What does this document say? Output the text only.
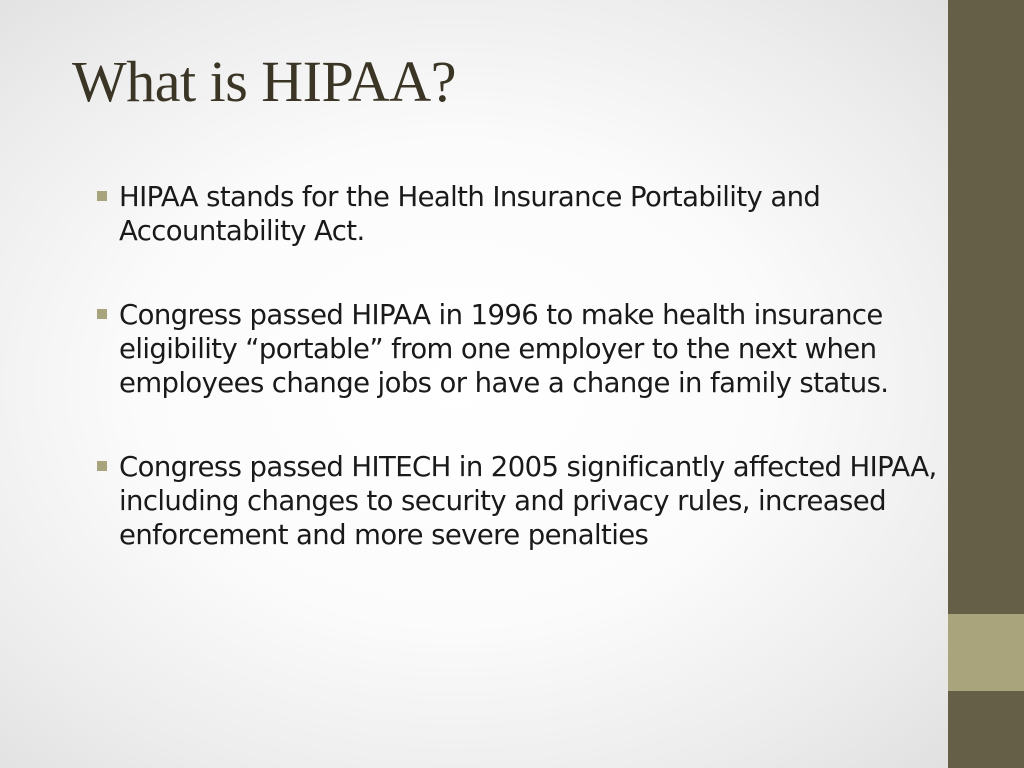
What is HIPAA?
HIPAA stands for the Health Insurance Portability and Accountability Act.
Congress passed HIPAA in 1996 to make health insurance eligibility “portable” from one employer to the next when employees change jobs or have a change in family status.
Congress passed HITECH in 2005 significantly affected HIPAA, including changes to security and privacy rules, increased enforcement and more severe penalties
